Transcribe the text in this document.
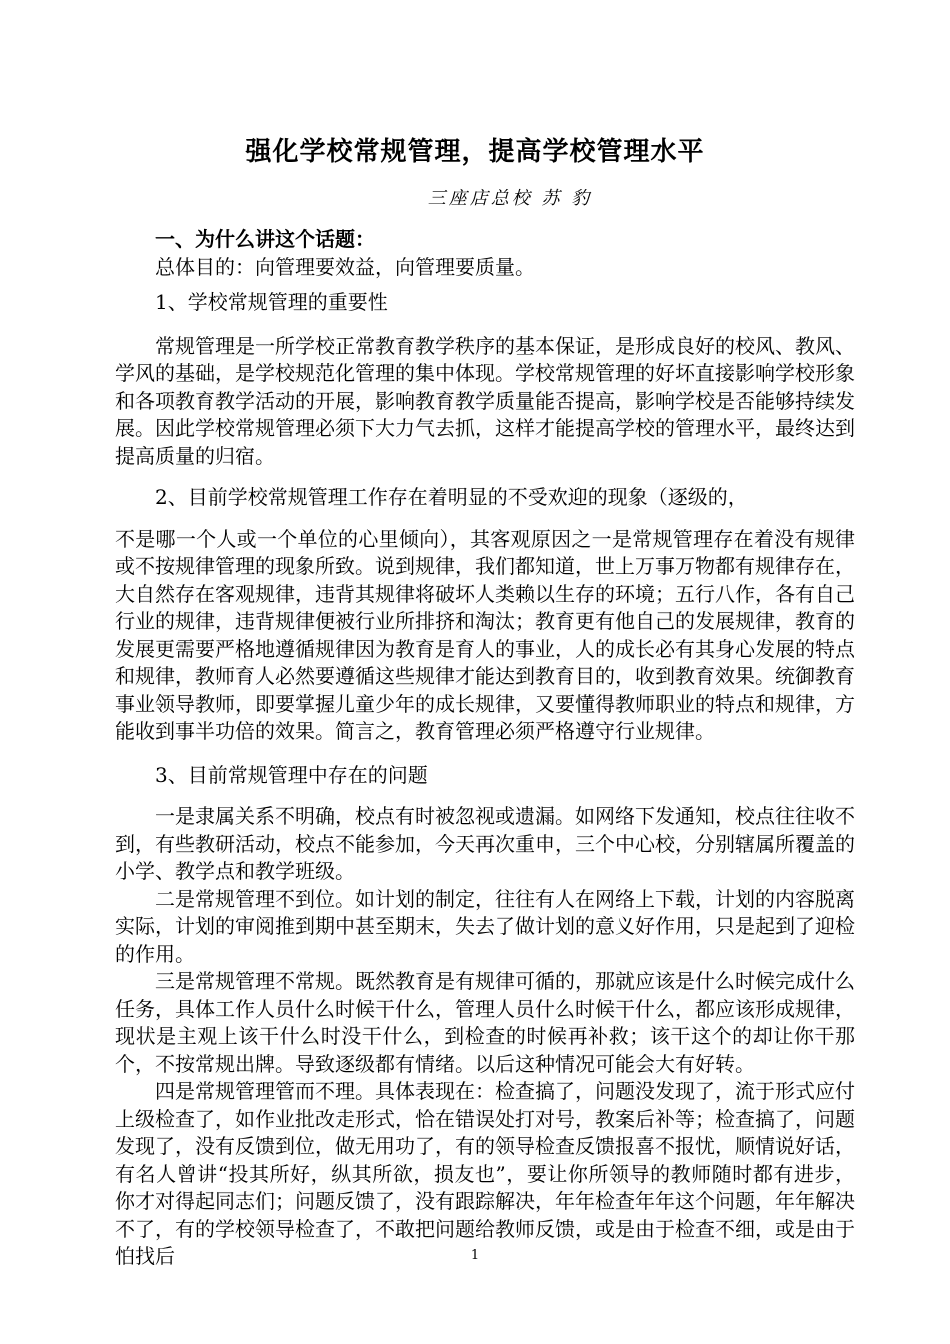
强化学校常规管理，提高学校管理水平
三座店总校 苏 豹

一、为什么讲这个话题：

总体目的：向管理要效益，向管理要质量。

1、学校常规管理的重要性

常规管理是一所学校正常教育教学秩序的基本保证，是形成良好的校风、教风、学风的基础，是学校规范化管理的集中体现。学校常规管理的好坏直接影响学校形象和各项教育教学活动的开展，影响教育教学质量能否提高，影响学校是否能够持续发展。因此学校常规管理必须下大力气去抓，这样才能提高学校的管理水平，最终达到提高质量的归宿。

2、目前学校常规管理工作存在着明显的不受欢迎的现象（逐级的，

不是哪一个人或一个单位的心里倾向），其客观原因之一是常规管理存在着没有规律或不按规律管理的现象所致。说到规律，我们都知道，世上万事万物都有规律存在，大自然存在客观规律，违背其规律将破坏人类赖以生存的环境；五行八作，各有自己行业的规律，违背规律便被行业所排挤和淘汰；教育更有他自己的发展规律，教育的发展更需要严格地遵循规律因为教育是育人的事业，人的成长必有其身心发展的特点和规律，教师育人必然要遵循这些规律才能达到教育目的，收到教育效果。统御教育事业领导教师，即要掌握儿童少年的成长规律，又要懂得教师职业的特点和规律，方能收到事半功倍的效果。简言之，教育管理必须严格遵守行业规律。

3、目前常规管理中存在的问题

一是隶属关系不明确，校点有时被忽视或遗漏。如网络下发通知，校点往往收不到，有些教研活动，校点不能参加，今天再次重申，三个中心校，分别辖属所覆盖的小学、教学点和教学班级。

二是常规管理不到位。如计划的制定，往往有人在网络上下载，计划的内容脱离实际，计划的审阅推到期中甚至期末，失去了做计划的意义好作用，只是起到了迎检的作用。

三是常规管理不常规。既然教育是有规律可循的，那就应该是什么时候完成什么任务，具体工作人员什么时候干什么，管理人员什么时候干什么，都应该形成规律，现状是主观上该干什么时没干什么，到检查的时候再补救；该干这个的却让你干那个，不按常规出牌。导致逐级都有情绪。以后这种情况可能会大有好转。

四是常规管理管而不理。具体表现在：检查搞了，问题没发现了，流于形式应付上级检查了，如作业批改走形式，恰在错误处打对号，教案后补等；检查搞了，问题发现了，没有反馈到位，做无用功了，有的领导检查反馈报喜不报忧，顺情说好话，有名人曾讲“投其所好，纵其所欲，损友也”，要让你所领导的教师随时都有进步，你才对得起同志们；问题反馈了，没有跟踪解决，年年检查年年这个问题，年年解决不了，有的学校领导检查了，不敢把问题给教师反馈，或是由于检查不细，或是由于怕找后	1
